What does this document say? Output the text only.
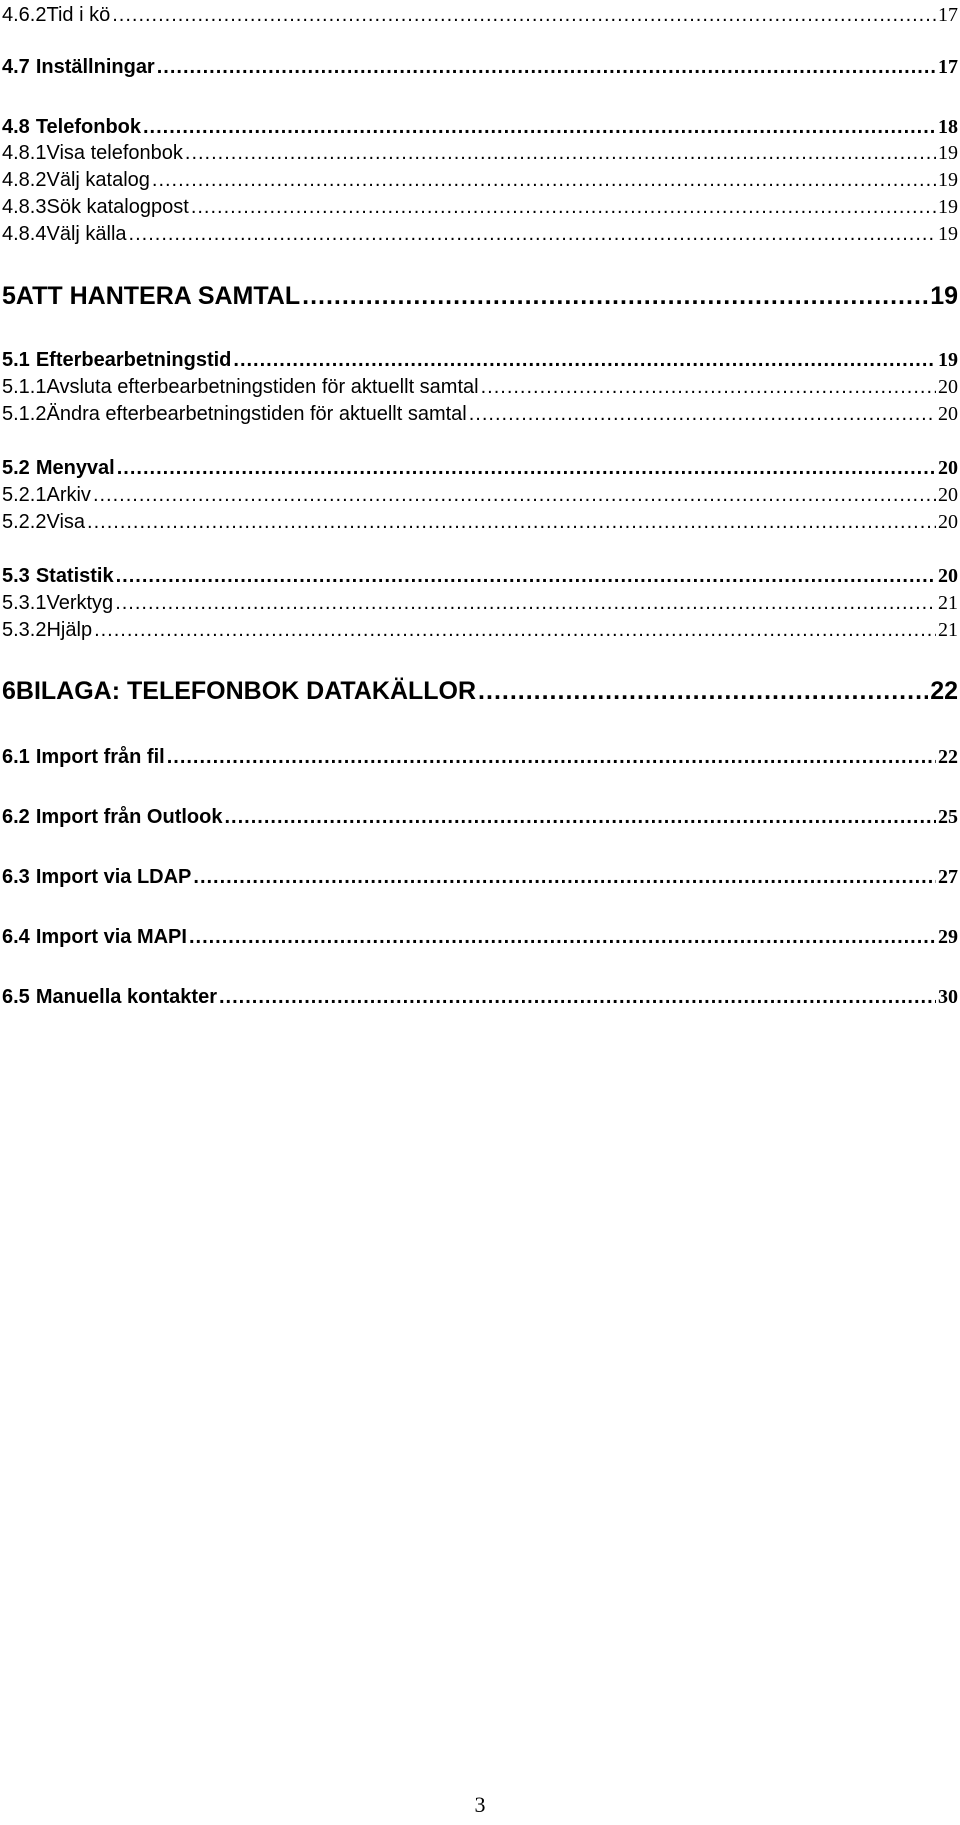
4.6.2 Tid i kö .....	17
4.7 Inställningar .....	17
4.8 Telefonbok .....	18
4.8.1 Visa telefonbok .....	19
4.8.2 Välj katalog .....	19
4.8.3 Sök katalogpost .....	19
4.8.4 Välj källa .....	19
5 ATT HANTERA SAMTAL .....	19
5.1 Efterbearbetningstid .....	19
5.1.1 Avsluta efterbearbetningstiden för aktuellt samtal .....	20
5.1.2 Ändra efterbearbetningstiden för aktuellt samtal .....	20
5.2 Menyval .....	20
5.2.1 Arkiv .....	20
5.2.2 Visa .....	20
5.3 Statistik .....	20
5.3.1 Verktyg .....	21
5.3.2 Hjälp .....	21
6 BILAGA: TELEFONBOK DATAKÄLLOR .....	22
6.1 Import från fil .....	22
6.2 Import från Outlook .....	25
6.3 Import via LDAP .....	27
6.4 Import via MAPI .....	29
6.5 Manuella kontakter .....	30
3
